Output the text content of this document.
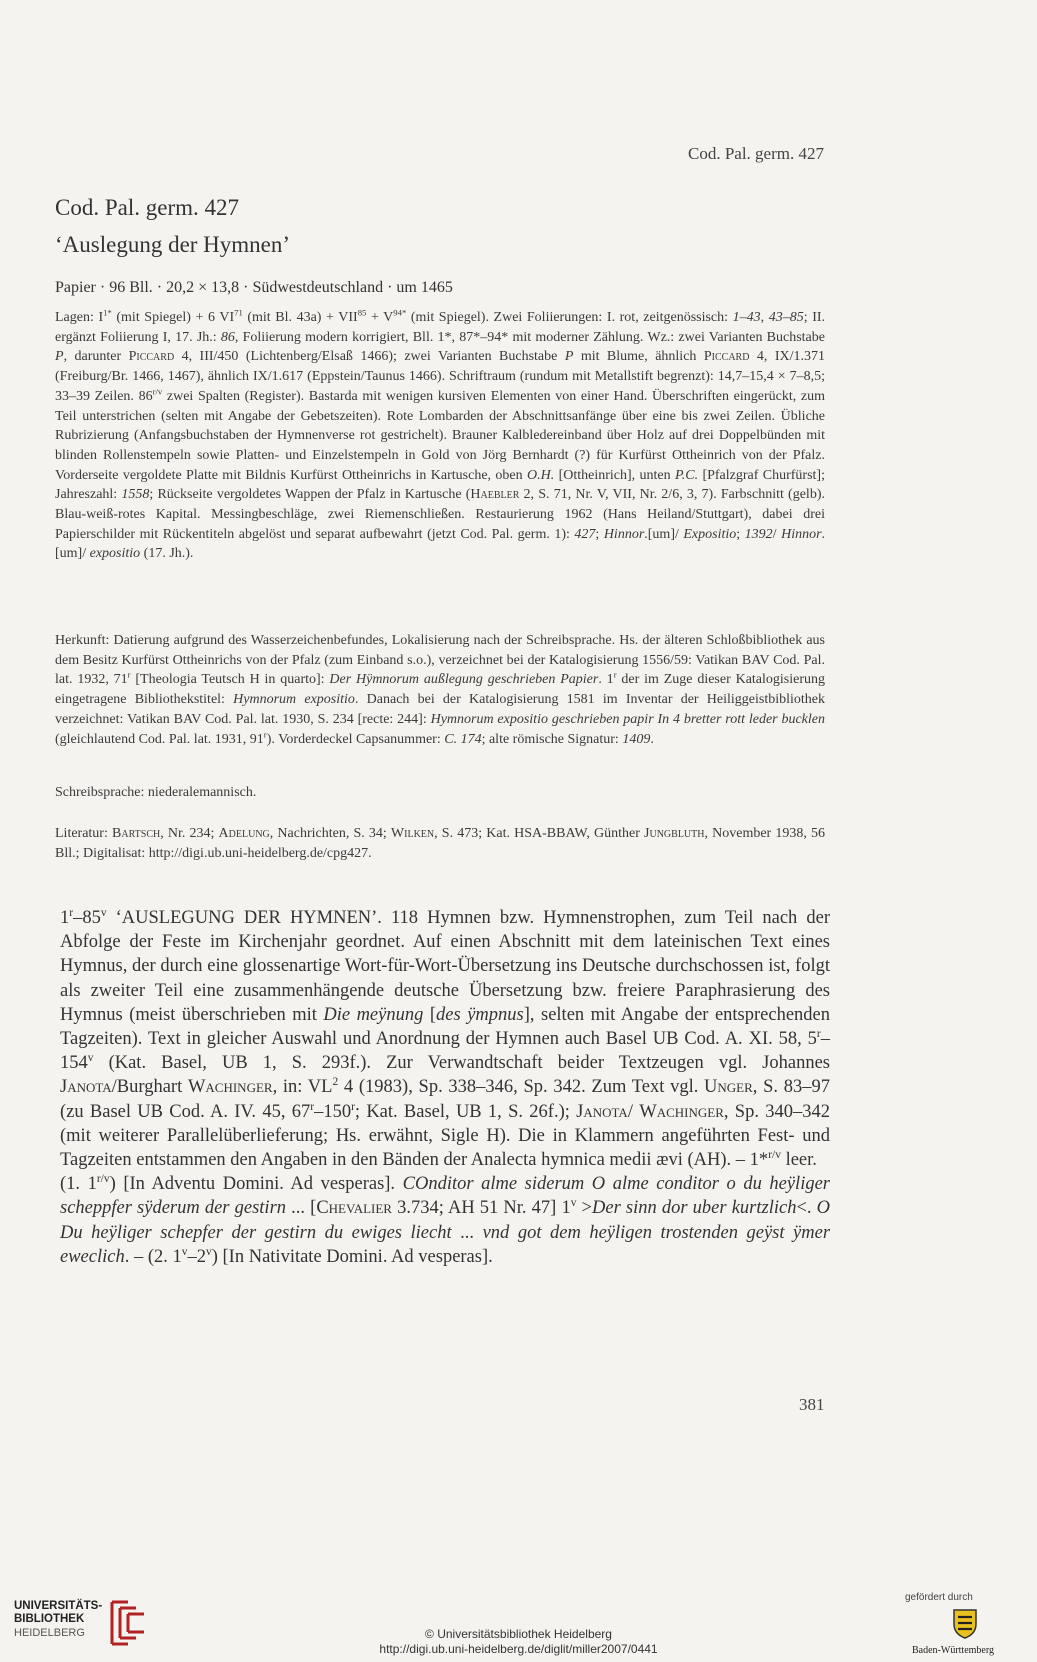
Cod. Pal. germ. 427
Cod. Pal. germ. 427
‘Auslegung der Hymnen’
Papier · 96 Bll. · 20,2 × 13,8 · Südwestdeutschland · um 1465
Lagen: $I^{1*}$ (mit Spiegel) + 6 VI$^{71}$ (mit Bl. $43a) + VII^{85} + V^{94*}$ (mit Spiegel). Zwei Foliierungen: I. rot, zeitgenössisch: 1–43, 43–85; II. ergänzt Foliierung I, 17. Jh.: 86, Foliierung modern korrigiert, Bll. 1*, 87*–94* mit moderner Zählung. Wz.: zwei Varianten Buchstabe P, darunter Piccard 4, III/450 (Lichtenberg/Elsaß 1466); zwei Varianten Buchstabe P mit Blume, ähnlich Piccard 4, IX/1.371 (Freiburg/Br. 1466, 1467), ähnlich IX/1.617 (Eppstein/Taunus 1466). Schriftraum (rundum mit Metallstift begrenzt): 14,7–15,4 × 7–8,5; 33–39 Zeilen. $86^{r/v}$ zwei Spalten (Register). Bastarda mit wenigen kursiven Elementen von einer Hand. Überschriften eingerückt, zum Teil unterstrichen (selten mit Angabe der Gebetszeiten). Rote Lombarden der Abschnittsanfänge über eine bis zwei Zeilen. Übliche Rubrizierung (Anfangsbuchstaben der Hymnenverse rot gestrichelt). Brauner Kalbledereinband über Holz auf drei Doppelbünden mit blinden Rollenstempeln sowie Platten- und Einzelstempeln in Gold von Jörg Bernhardt (?) für Kurfürst Ottheinrich von der Pfalz. Vorderseite vergoldete Platte mit Bildnis Kurfürst Ottheinrichs in Kartusche, oben O.H. [Ottheinrich], unten P.C. [Pfalzgraf Churfürst]; Jahreszahl: 1558; Rückseite vergoldetes Wappen der Pfalz in Kartusche (Haebler 2, S. 71, Nr. V, VII, Nr. 2/6, 3, 7). Farbschnitt (gelb). Blau-weiß-rotes Kapital. Messingbeschläge, zwei Riemenschließen. Restaurierung 1962 (Hans Heiland/Stuttgart), dabei drei Papierschilder mit Rückentiteln abgelöst und separat aufbewahrt (jetzt Cod. Pal. germ. 1): 427; Hinnor.[um]/ Expositio; 1392/ Hinnor.[um]/ expositio (17. Jh.).
Herkunft: Datierung aufgrund des Wasserzeichenbefundes, Lokalisierung nach der Schreibsprache. Hs. der älteren Schloßbibliothek aus dem Besitz Kurfürst Ottheinrichs von der Pfalz (zum Einband s.o.), verzeichnet bei der Katalogisierung 1556/59: Vatikan BAV Cod. Pal. lat. 1932, 71$^r$ [Theologia Teutsch H in quarto]: Der Hÿmnorum außlegung geschrieben Papier. 1$^r$ der im Zuge dieser Katalogisierung eingetragene Bibliothekstitel: Hymnorum expositio. Danach bei der Katalogisierung 1581 im Inventar der Heiliggeistbibliothek verzeichnet: Vatikan BAV Cod. Pal. lat. 1930, S. 234 [recte: 244]: Hymnorum expositio geschrieben papir In 4 bretter rott leder bucklen (gleichlautend Cod. Pal. lat. 1931, 91$^r$). Vorderdeckel Capsanummer: C. 174; alte römische Signatur: 1409.
Schreibsprache: niederalemannisch.
Literatur: Bartsch, Nr. 234; Adelung, Nachrichten, S. 34; Wilken, S. 473; Kat. HSA-BBAW, Günther Jungbluth, November 1938, 56 Bll.; Digitalisat: http://digi.ub.uni-heidelberg.de/cpg427.

1$^r$–85$^v$ ‘AUSLEGUNG DER HYMNEN’. 118 Hymnen bzw. Hymnenstrophen, zum Teil nach der Abfolge der Feste im Kirchenjahr geordnet. Auf einen Abschnitt mit dem lateinischen Text eines Hymnus, der durch eine glossenartige Wort-für-Wort-Übersetzung ins Deutsche durchschossen ist, folgt als zweiter Teil eine zusammenhängende deutsche Übersetzung bzw. freiere Paraphrasierung des Hymnus (meist überschrieben mit Die meÿnung [des ÿmpnus], selten mit Angabe der entsprechenden Tagzeiten). Text in gleicher Auswahl und Anordnung der Hymnen auch Basel UB Cod. A. XI. 58, 5$^r$–154$^v$ (Kat. Basel, UB 1, S. 293f.). Zur Verwandtschaft beider Textzeugen vgl. Johannes Janota/Burghart Wachinger, in: $VL^2$ 4 (1983), Sp. 338–346, Sp. 342. Zum Text vgl. Unger, S. 83–97 (zu Basel UB Cod. A. IV. 45, 67$^r$–150$^r$; Kat. Basel, UB 1, S. 26f.); Janota/ Wachinger, Sp. 340–342 (mit weiterer Parallelüberlieferung; Hs. erwähnt, Sigle H). Die in Klammern angeführten Fest- und Tagzeiten entstammen den Angaben in den Bänden der Analecta hymnica medii ævi (AH). – 1*$^{r/v}$ leer.

(1. $1^{r/v}$) [In Adventu Domini. Ad vesperas]. COnditor alme siderum O alme conditor o du heÿliger scheppfer sÿderum der gestirn ... [Chevalier 3.734; AH 51 Nr. 47] $1^v >Der$ sinn dor uber kurtzlich<. O Du heÿliger schepfer der gestirn du ewiges liecht ... vnd got dem heÿligen trostenden geÿst ÿmer eweclich. – (2. 1$^v$–2$^v$) [In Nativitate Domini. Ad vesperas].

381
UNIVERSITÄTS-
BIBLIOTHEK
HEIDELBERG	© Universitätsbibliothek Heidelberg
http://digi.ub.uni-heidelberg.de/diglit/miller2007/0441
gefördert durch
Baden-Württemberg
